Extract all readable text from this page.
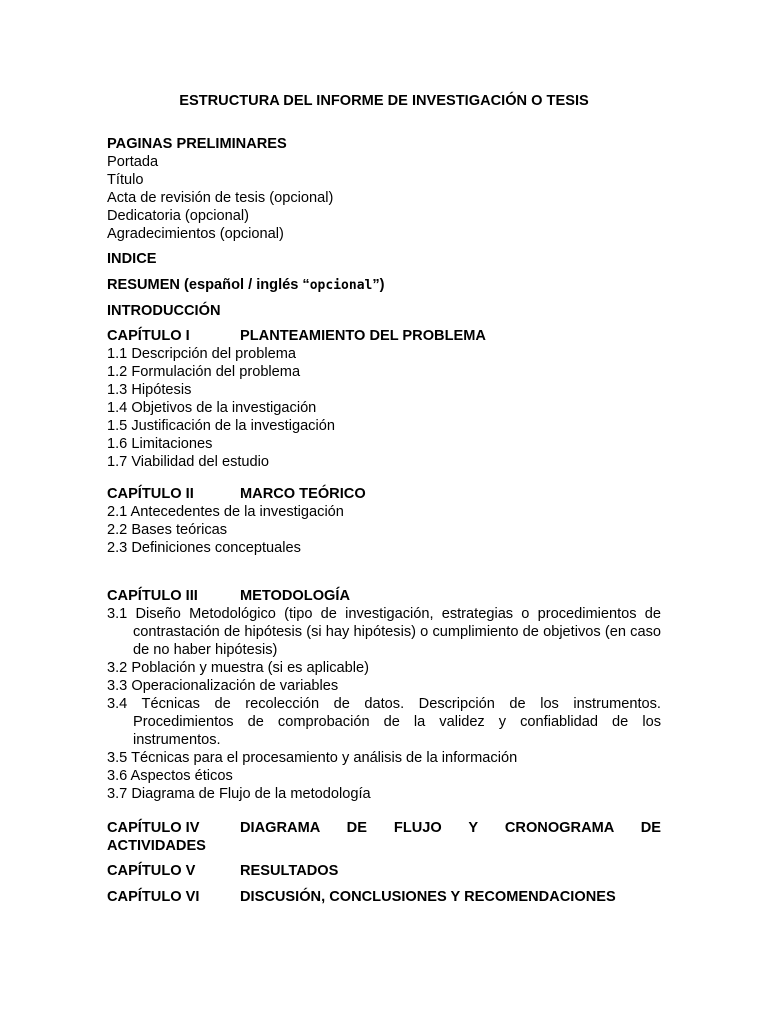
ESTRUCTURA DEL INFORME DE INVESTIGACIÓN O TESIS
PAGINAS PRELIMINARES
Portada
Título
Acta de revisión de tesis (opcional)
Dedicatoria (opcional)
Agradecimientos (opcional)
INDICE
RESUMEN (español / inglés “opcional”)
INTRODUCCIÓN
CAPÍTULO I	PLANTEAMIENTO DEL PROBLEMA
1.1 Descripción del problema
1.2 Formulación del problema
1.3 Hipótesis
1.4 Objetivos de la investigación
1.5 Justificación de la investigación
1.6 Limitaciones
1.7 Viabilidad del estudio
CAPÍTULO II	MARCO TEÓRICO
2.1 Antecedentes de la investigación
2.2 Bases teóricas
2.3 Definiciones conceptuales
CAPÍTULO III	METODOLOGÍA
3.1 Diseño Metodológico (tipo de investigación, estrategias o procedimientos de contrastación de hipótesis (si hay hipótesis) o cumplimiento de objetivos (en caso de no haber hipótesis)
3.2 Población y muestra (si es aplicable)
3.3 Operacionalización de variables
3.4 Técnicas de recolección de datos. Descripción de los instrumentos. Procedimientos de comprobación de la validez y confiablidad de los instrumentos.
3.5 Técnicas para el procesamiento y análisis de la información
3.6 Aspectos éticos
3.7 Diagrama de Flujo de la metodología
CAPÍTULO IV	DIAGRAMA DE FLUJO Y CRONOGRAMA DE
ACTIVIDADES
CAPÍTULO V	RESULTADOS
CAPÍTULO VI	DISCUSIÓN, CONCLUSIONES Y RECOMENDACIONES
